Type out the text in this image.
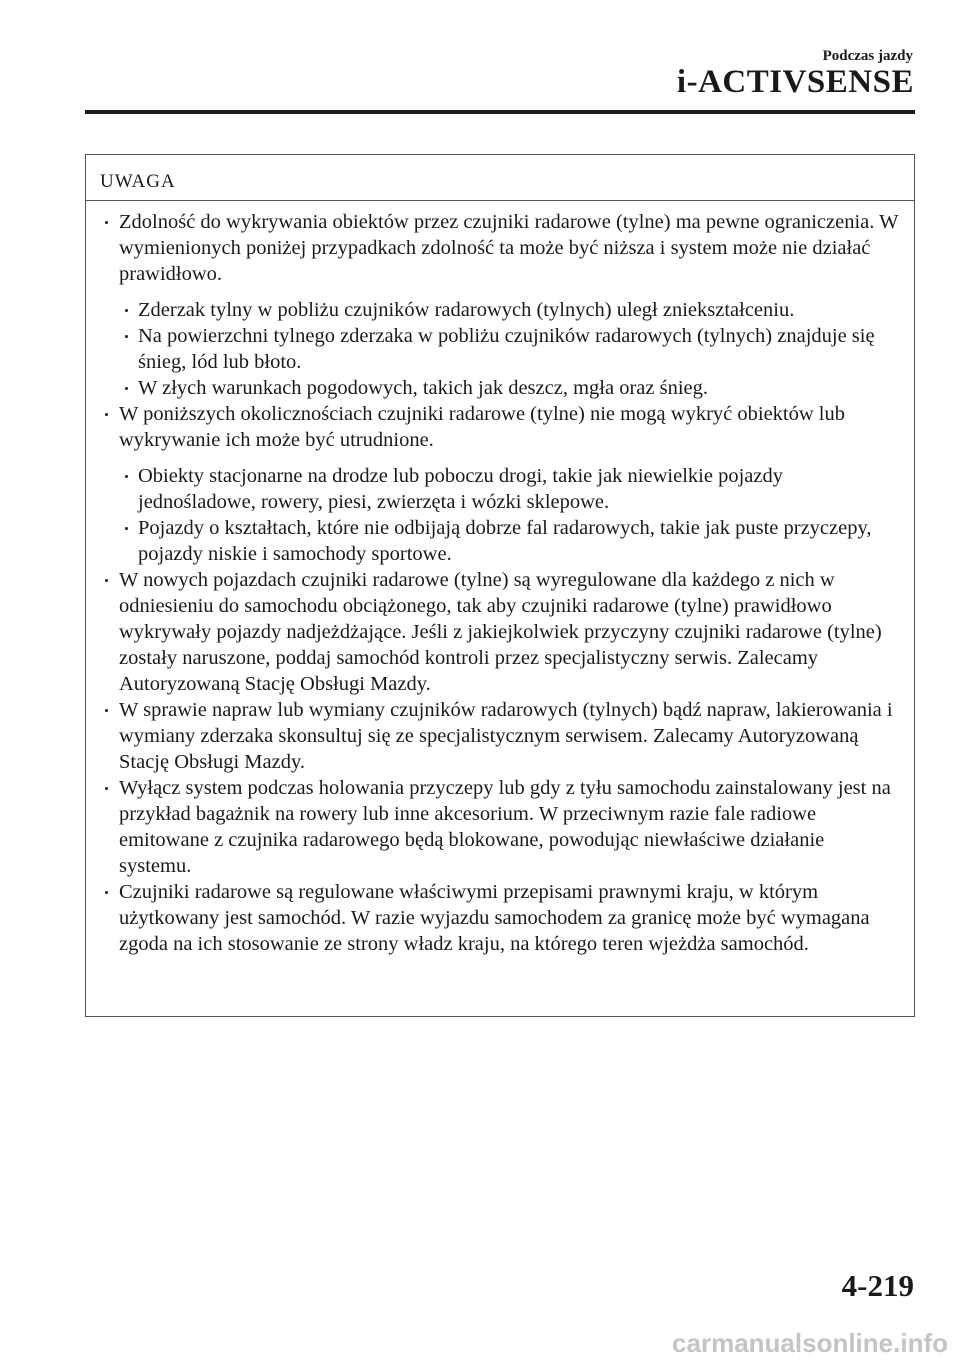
Podczas jazdy
i-ACTIVSENSE
UWAGA
Zdolność do wykrywania obiektów przez czujniki radarowe (tylne) ma pewne ograniczenia. W wymienionych poniżej przypadkach zdolność ta może być niższa i system może nie działać prawidłowo.
Zderzak tylny w pobliżu czujników radarowych (tylnych) uległ zniekształceniu.
Na powierzchni tylnego zderzaka w pobliżu czujników radarowych (tylnych) znajduje się śnieg, lód lub błoto.
W złych warunkach pogodowych, takich jak deszcz, mgła oraz śnieg.
W poniższych okolicznościach czujniki radarowe (tylne) nie mogą wykryć obiektów lub wykrywanie ich może być utrudnione.
Obiekty stacjonarne na drodze lub poboczu drogi, takie jak niewielkie pojazdy jednośladowe, rowery, piesi, zwierzęta i wózki sklepowe.
Pojazdy o kształtach, które nie odbijają dobrze fal radarowych, takie jak puste przyczepy, pojazdy niskie i samochody sportowe.
W nowych pojazdach czujniki radarowe (tylne) są wyregulowane dla każdego z nich w odniesieniu do samochodu obciążonego, tak aby czujniki radarowe (tylne) prawidłowo wykrywały pojazdy nadjeżdżające. Jeśli z jakiejkolwiek przyczyny czujniki radarowe (tylne) zostały naruszone, poddaj samochód kontroli przez specjalistyczny serwis. Zalecamy Autoryzowaną Stację Obsługi Mazdy.
W sprawie napraw lub wymiany czujników radarowych (tylnych) bądź napraw, lakierowania i wymiany zderzaka skonsultuj się ze specjalistycznym serwisem. Zalecamy Autoryzowaną Stację Obsługi Mazdy.
Wyłącz system podczas holowania przyczepy lub gdy z tyłu samochodu zainstalowany jest na przykład bagażnik na rowery lub inne akcesorium. W przeciwnym razie fale radiowe emitowane z czujnika radarowego będą blokowane, powodując niewłaściwe działanie systemu.
Czujniki radarowe są regulowane właściwymi przepisami prawnymi kraju, w którym użytkowany jest samochód. W razie wyjazdu samochodem za granicę może być wymagana zgoda na ich stosowanie ze strony władz kraju, na którego teren wjeżdża samochód.
4-219
carmanualsonline.info
